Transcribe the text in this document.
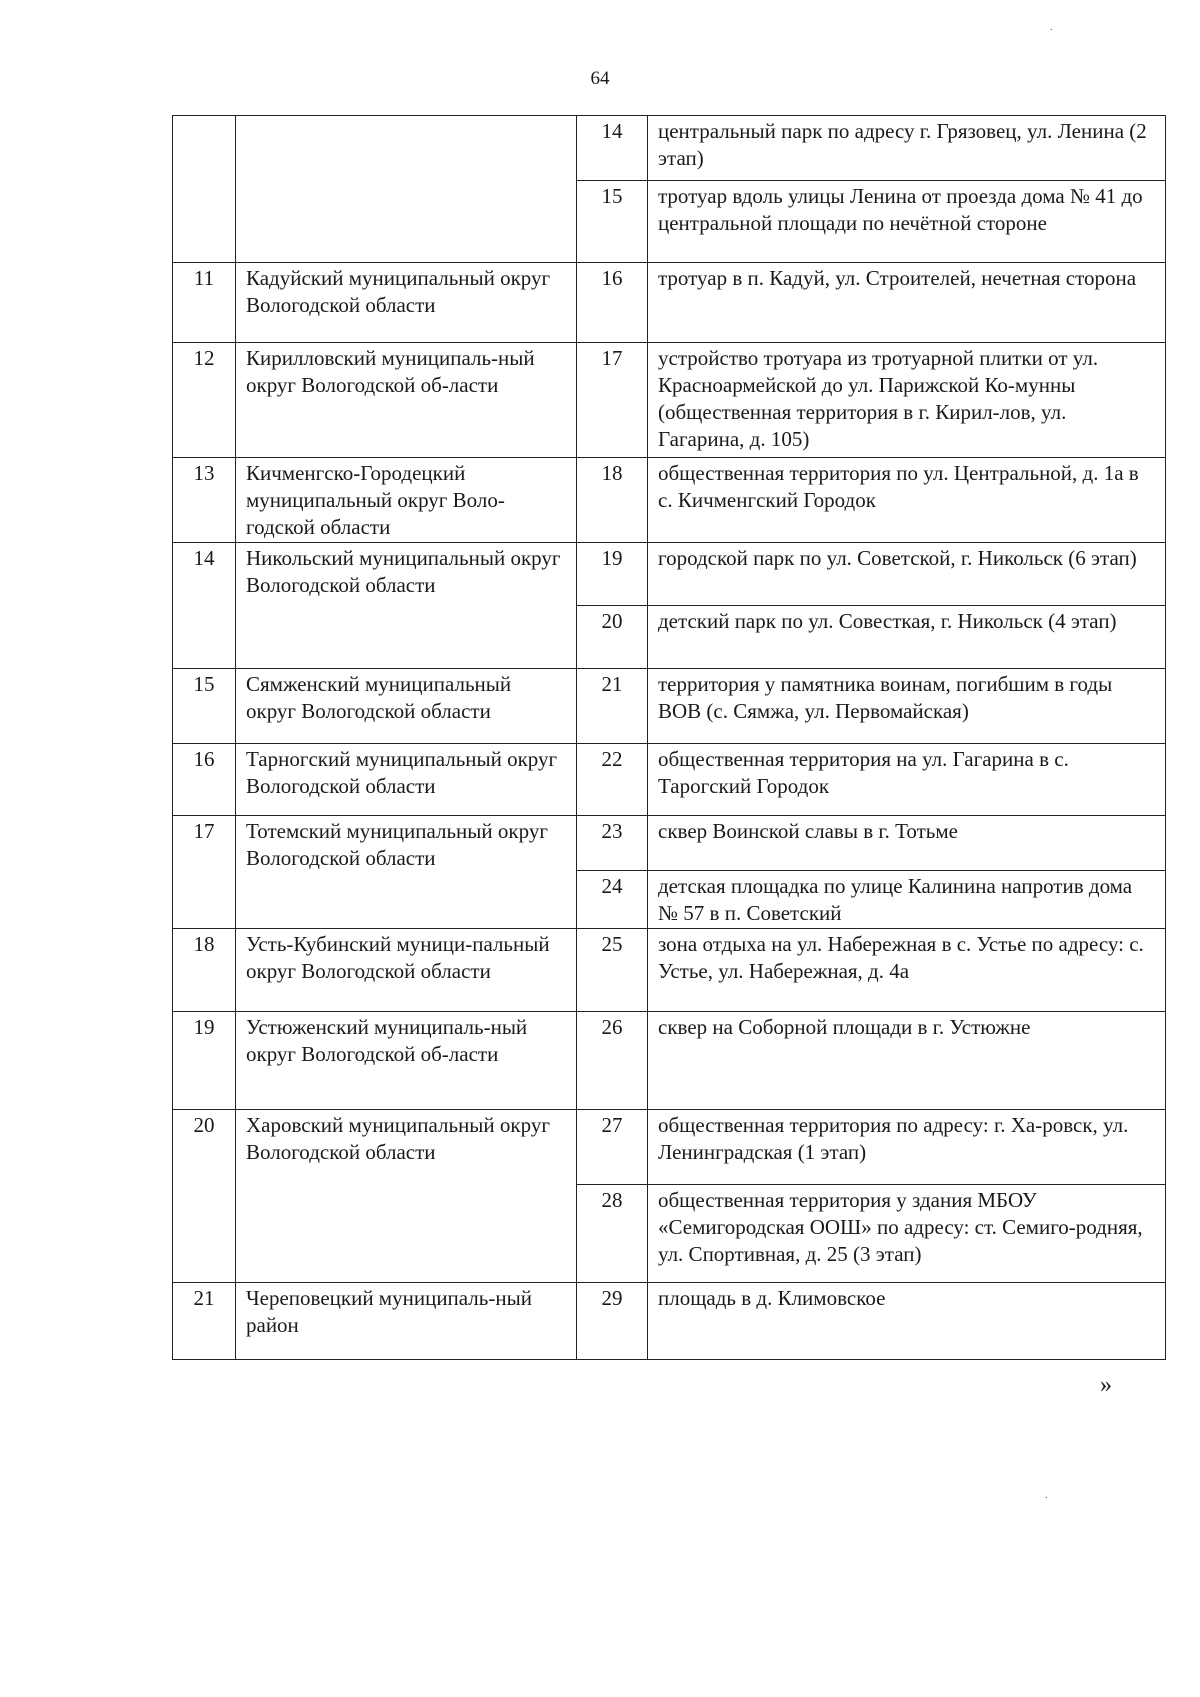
64
		14	центральный парк по адресу г. Грязовец, ул. Ленина (2 этап)
		15	тротуар вдоль улицы Ленина от проезда дома № 41 до центральной площади по нечётной стороне
11	Кадуйский муниципальный округ Вологодской области	16	тротуар в п. Кадуй, ул. Строителей, нечетная сторона
12	Кирилловский муниципаль-ный округ Вологодской об-ласти	17	устройство тротуара из тротуарной плитки от ул. Красноармейской до ул. Парижской Ко-мунны (общественная территория в г. Кирил-лов, ул. Гагарина, д. 105)
13	Кичменгско-Городецкий муниципальный округ Воло-годской области	18	общественная территория по ул. Центральной, д. 1а в с. Кичменгский Городок
14	Никольский муниципальный округ Вологодской области	19	городской парк по ул. Советской, г. Никольск (6 этап)
		20	детский парк по ул. Совесткая, г. Никольск (4 этап)
15	Сямженский муниципальный округ Вологодской области	21	территория у памятника воинам, погибшим в годы ВОВ (с. Сямжа, ул. Первомайская)
16	Тарногский муниципальный округ Вологодской области	22	общественная территория на ул. Гагарина в с. Тарогский Городок
17	Тотемский муниципальный округ Вологодской области	23	сквер Воинской славы в г. Тотьме
		24	детская площадка по улице Калинина напротив дома № 57 в п. Советский
18	Усть-Кубинский муници-пальный округ Вологодской области	25	зона отдыха на ул. Набережная в с. Устье по адресу: с. Устье, ул. Набережная, д. 4а
19	Устюженский муниципаль-ный округ Вологодской об-ласти	26	сквер на Соборной площади в г. Устюжне
20	Харовский муниципальный округ Вологодской области	27	общественная территория по адресу: г. Ха-ровск, ул. Ленинградская (1 этап)
		28	общественная территория у здания МБОУ «Семигородская ООШ» по адресу: ст. Семиго-родняя, ул. Спортивная, д. 25 (3 этап)
21	Череповецкий муниципаль-ный район	29	площадь в д. Климовское
»
.
.
